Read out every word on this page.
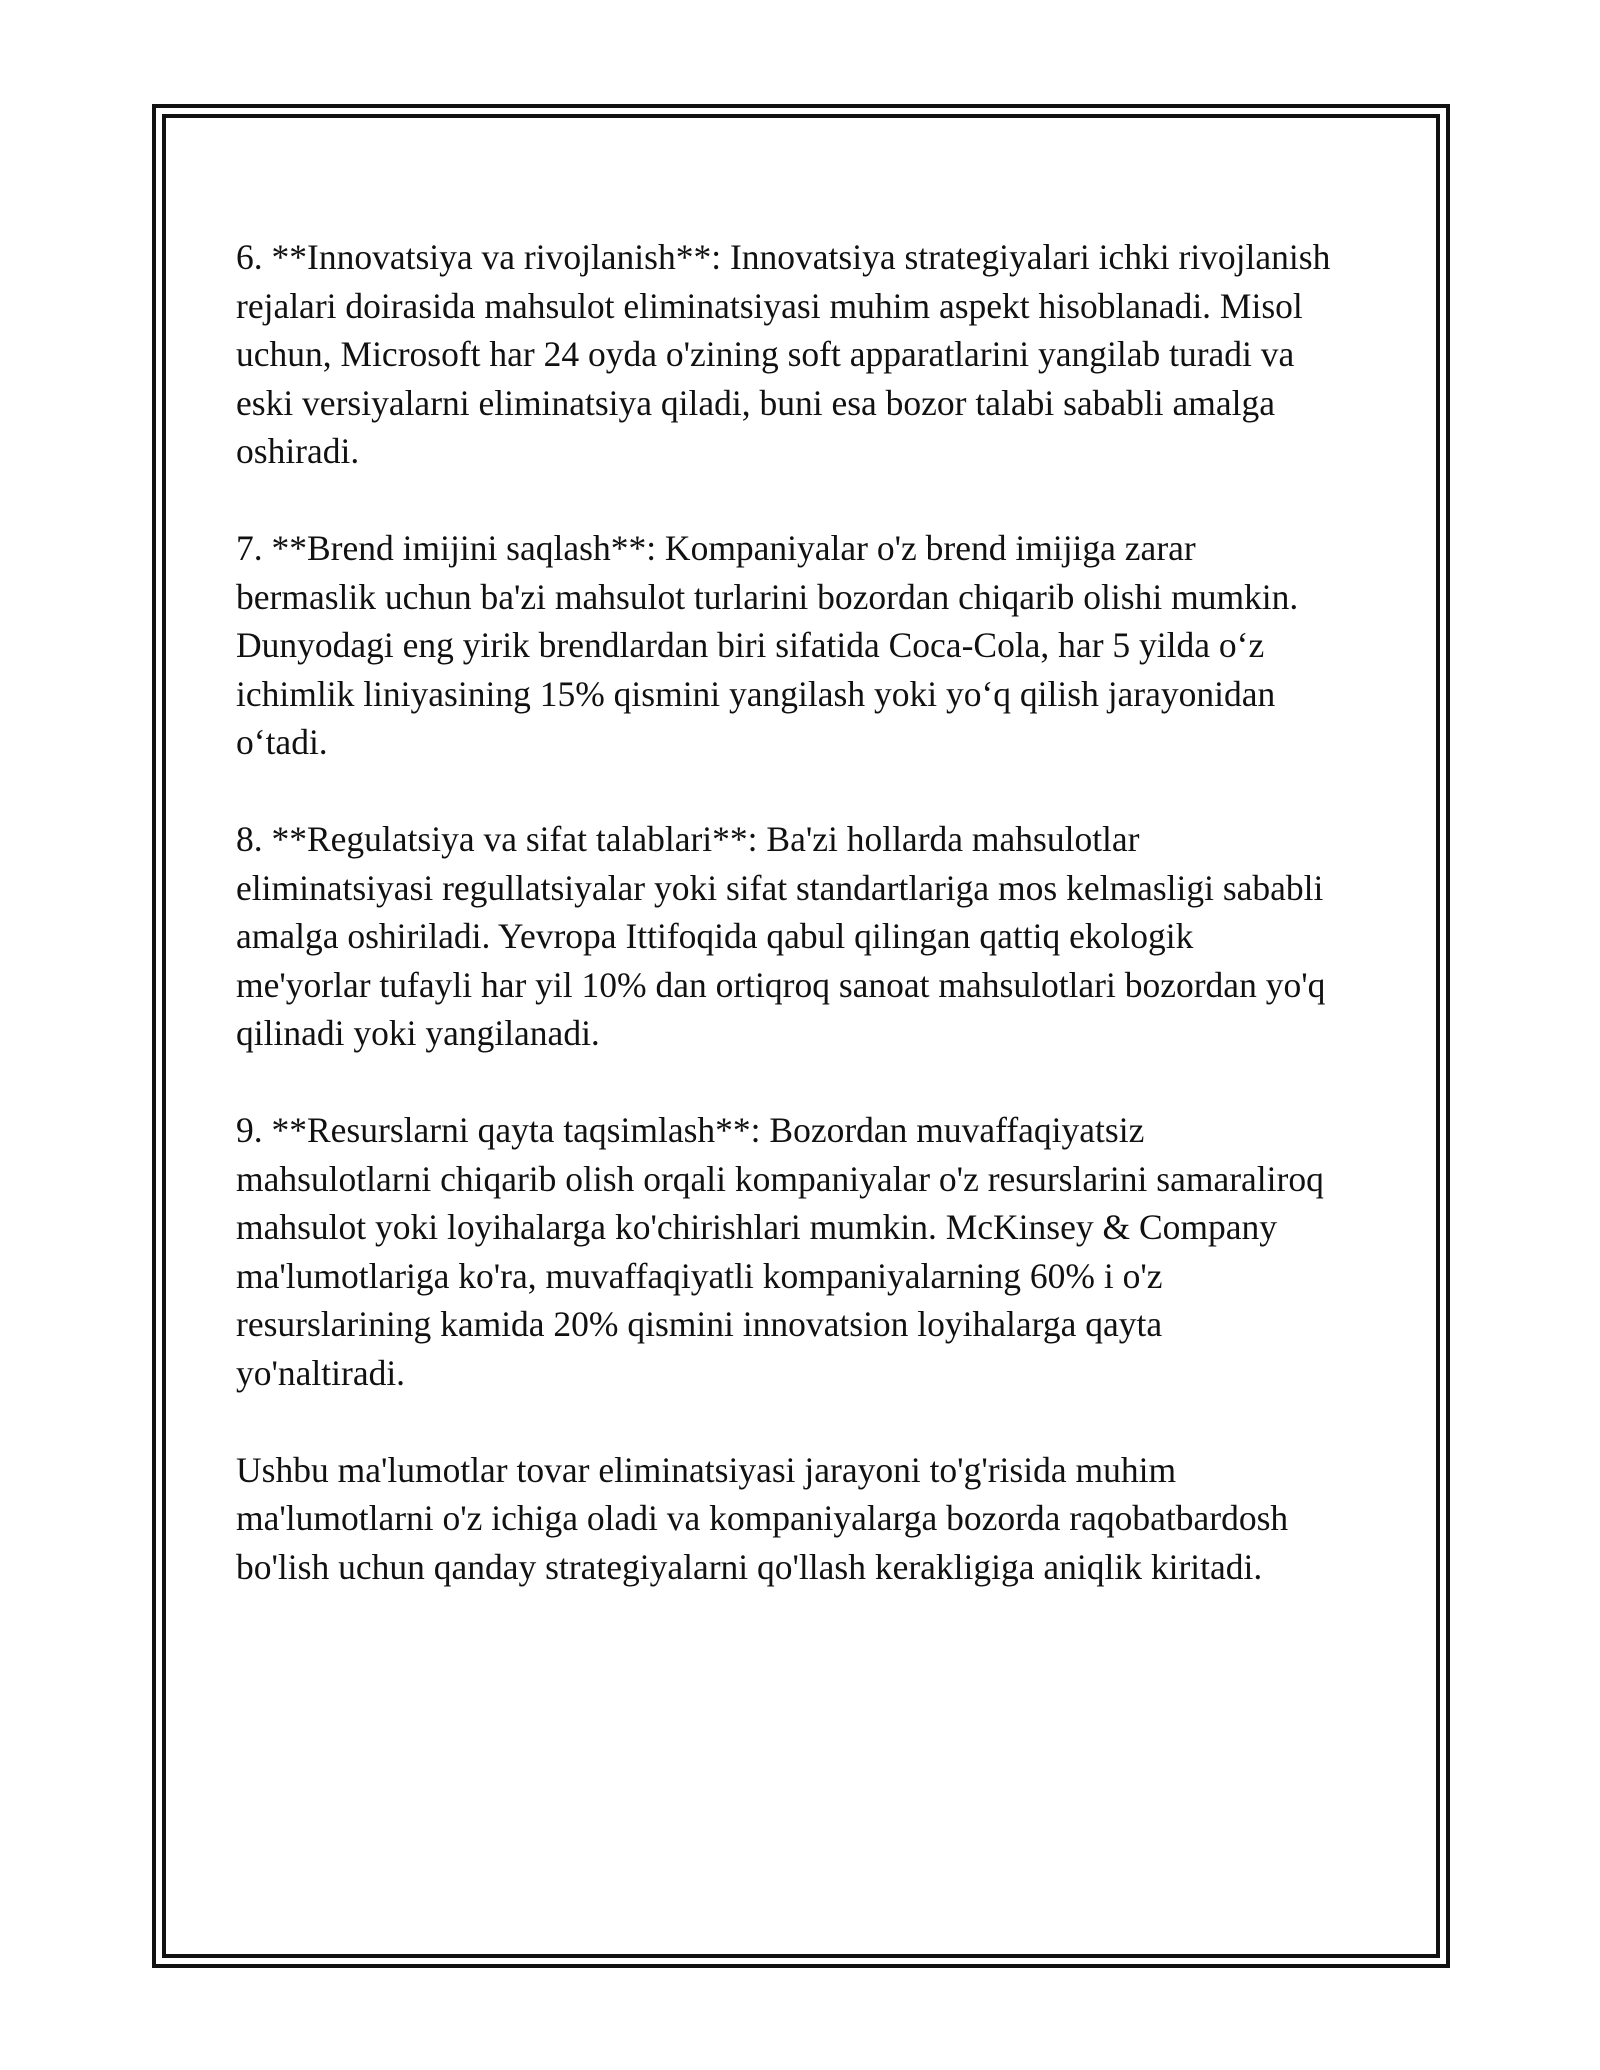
6. **Innovatsiya va rivojlanish**: Innovatsiya strategiyalari ichki rivojlanish
rejalari doirasida mahsulot eliminatsiyasi muhim aspekt hisoblanadi. Misol
uchun, Microsoft har 24 oyda o'zining soft apparatlarini yangilab turadi va
eski versiyalarni eliminatsiya qiladi, buni esa bozor talabi sababli amalga
oshiradi.

7. **Brend imijini saqlash**: Kompaniyalar o'z brend imijiga zarar
bermaslik uchun ba'zi mahsulot turlarini bozordan chiqarib olishi mumkin.
Dunyodagi eng yirik brendlardan biri sifatida Coca-Cola, har 5 yilda o‘z
ichimlik liniyasining 15% qismini yangilash yoki yo‘q qilish jarayonidan
o‘tadi.

8. **Regulatsiya va sifat talablari**: Ba'zi hollarda mahsulotlar
eliminatsiyasi regullatsiyalar yoki sifat standartlariga mos kelmasligi sababli
amalga oshiriladi. Yevropa Ittifoqida qabul qilingan qattiq ekologik
me'yorlar tufayli har yil 10% dan ortiqroq sanoat mahsulotlari bozordan yo'q
qilinadi yoki yangilanadi.

9. **Resurslarni qayta taqsimlash**: Bozordan muvaffaqiyatsiz
mahsulotlarni chiqarib olish orqali kompaniyalar o'z resurslarini samaraliroq
mahsulot yoki loyihalarga ko'chirishlari mumkin. McKinsey & Company
ma'lumotlariga ko'ra, muvaffaqiyatli kompaniyalarning 60% i o'z
resurslarining kamida 20% qismini innovatsion loyihalarga qayta
yo'naltiradi.

Ushbu ma'lumotlar tovar eliminatsiyasi jarayoni to'g'risida muhim
ma'lumotlarni o'z ichiga oladi va kompaniyalarga bozorda raqobatbardosh
bo'lish uchun qanday strategiyalarni qo'llash kerakligiga aniqlik kiritadi.
